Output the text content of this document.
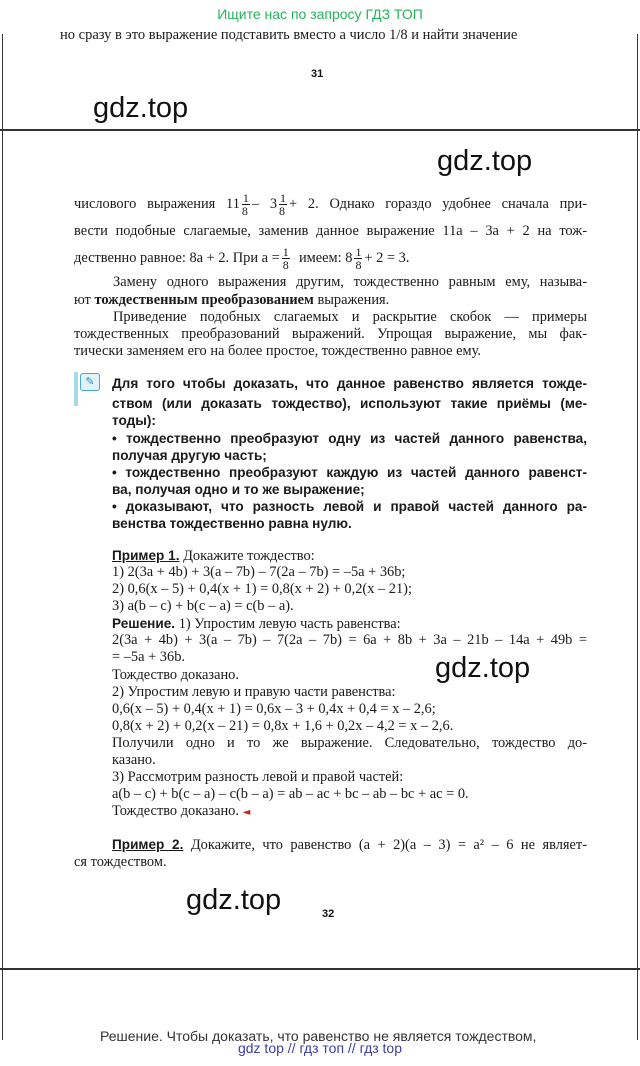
Ищите нас по запросу ГДЗ ТОП
но сразу в это выражение подставить вместо a число 1/8 и найти значение
31
32
gdz.top
gdz.top
gdz.top
gdz.top
числового выражения $11 \frac{1}{8} - 3 \frac{1}{8} + 2$. Однако гораздо удобнее сначала при-
вести подобные слагаемые, заменив данное выражение 11a – 3a + 2 на тож-
дественно равное: 8a + 2. При $a = \frac{1}{8}$ имеем: $8 \frac{1}{8} + 2 = 3$.
Замену одного выражения другим, тождественно равным ему, называ-
ют тождественным преобразованием выражения.
Приведение подобных слагаемых и раскрытие скобок — примеры
тождественных преобразований выражений. Упрощая выражение, мы фак-
тически заменяем его на более простое, тождественно равное ему.
✎	Для того чтобы доказать, что данное равенство является тожде-
ством (или доказать тождество), используют такие приёмы (ме-
тоды):
• тождественно преобразуют одну из частей данного равенства,
получая другую часть;
• тождественно преобразуют каждую из частей данного равенст-
ва, получая одно и то же выражение;
• доказывают, что разность левой и правой частей данного ра-
венства тождественно равна нулю.
Пример 1. Докажите тождество:
1) 2(3a + 4b) + 3(a – 7b) – 7(2a – 7b) = –5a + 36b;
2) 0,6(x – 5) + 0,4(x + 1) = 0,8(x + 2) + 0,2(x – 21);
3) a(b – c) + b(c – a) = c(b – a).
Решение. 1) Упростим левую часть равенства:
2(3a + 4b) + 3(a – 7b) – 7(2a – 7b) = 6a + 8b + 3a – 21b – 14a + 49b =
= –5a + 36b.
Тождество доказано.
2) Упростим левую и правую части равенства:
0,6(x – 5) + 0,4(x + 1) = 0,6x – 3 + 0,4x + 0,4 = x – 2,6;
0,8(x + 2) + 0,2(x – 21) = 0,8x + 1,6 + 0,2x – 4,2 = x – 2,6.
Получили одно и то же выражение. Следовательно, тождество до-
казано.
3) Рассмотрим разность левой и правой частей:
a(b – c) + b(c – a) – c(b – a) = ab – ac + bc – ab – bc + ac = 0.
Тождество доказано. ◄
Пример 2. Докажите, что равенство (a + 2)(a – 3) = a² – 6 не являет-
ся тождеством.
Решение. Чтобы доказать, что равенство не является тождеством,
gdz top // гдз топ // гдз top
